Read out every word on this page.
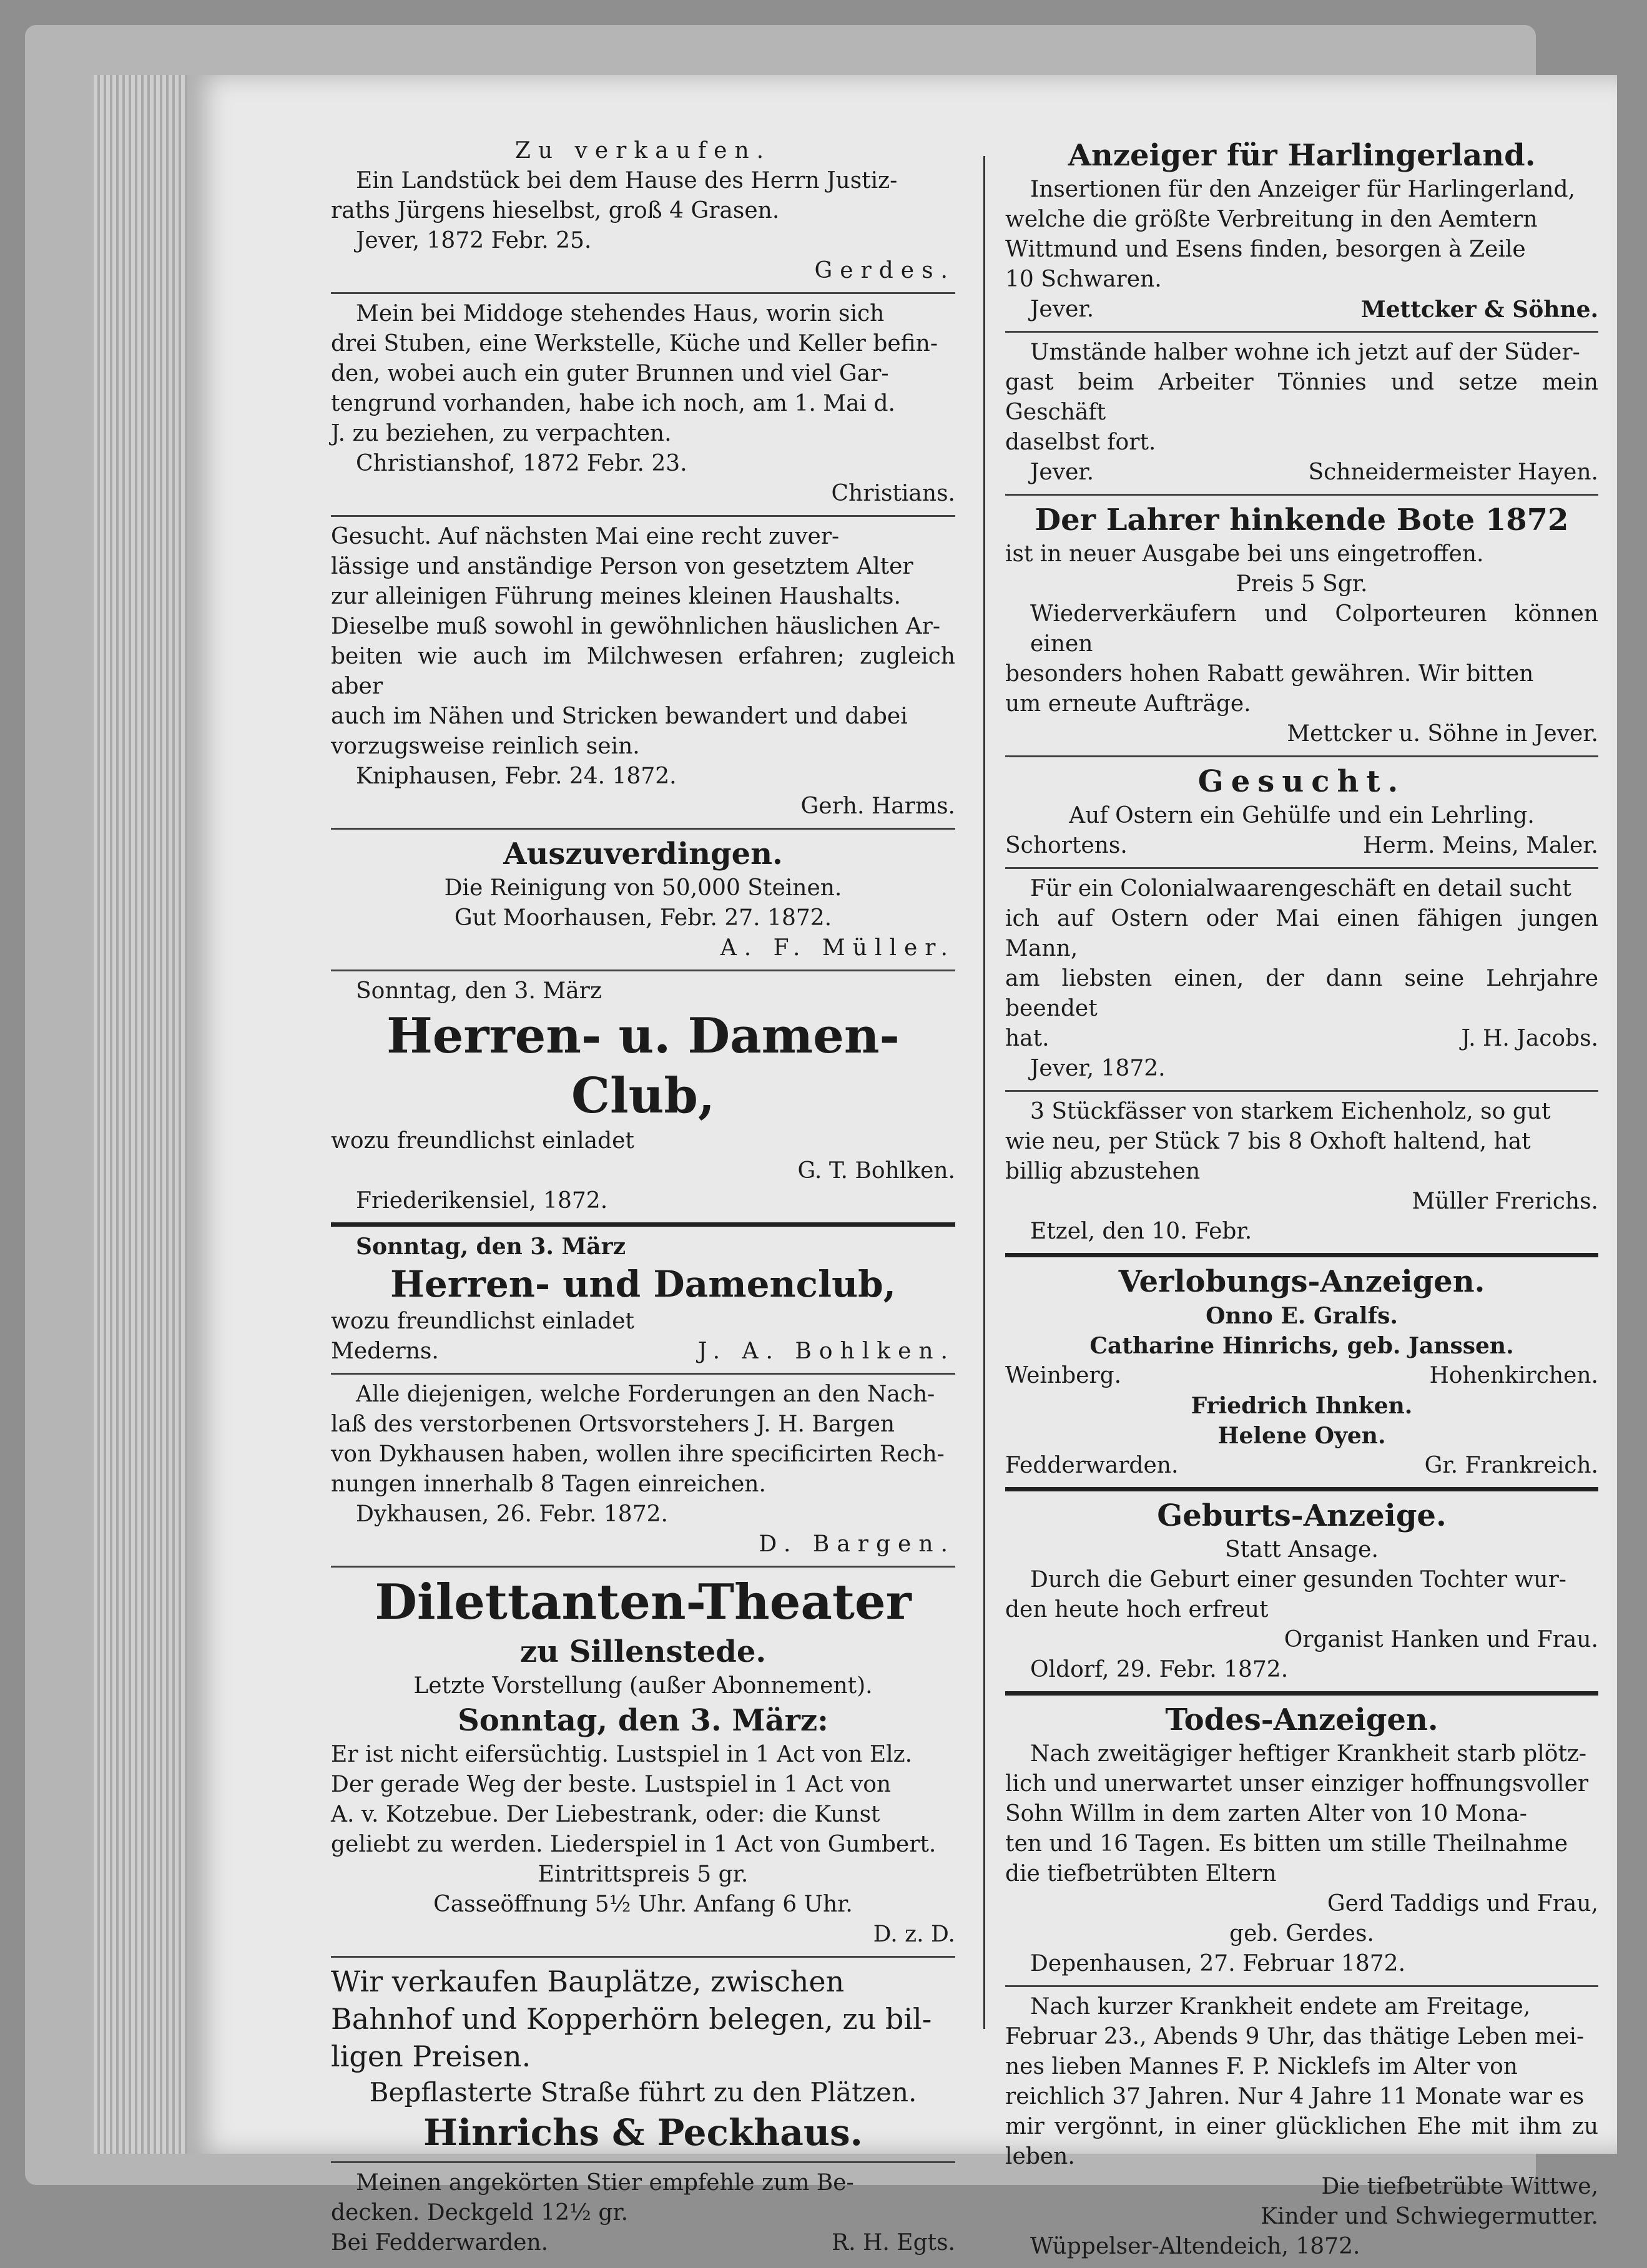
Zu verkaufen.

Ein Landstück bei dem Hause des Herrn Justiz-

raths Jürgens hieselbst, groß 4 Grasen.

Jever, 1872 Febr. 25.

Gerdes.

Mein bei Middoge stehendes Haus, worin sich

drei Stuben, eine Werkstelle, Küche und Keller befin-

den, wobei auch ein guter Brunnen und viel Gar-

tengrund vorhanden, habe ich noch, am 1. Mai d.

J. zu beziehen, zu verpachten.

Christianshof, 1872 Febr. 23.

Christians.

Gesucht. Auf nächsten Mai eine recht zuver-

lässige und anständige Person von gesetztem Alter

zur alleinigen Führung meines kleinen Haushalts.

Dieselbe muß sowohl in gewöhnlichen häuslichen Ar-

beiten wie auch im Milchwesen erfahren; zugleich aber

auch im Nähen und Stricken bewandert und dabei

vorzugsweise reinlich sein.

Kniphausen, Febr. 24. 1872.

Gerh. Harms.

Auszuverdingen.

Die Reinigung von 50,000 Steinen.

Gut Moorhausen, Febr. 27. 1872.

A. F. Müller.

Sonntag, den 3. März

Herren- u. Damen-Club,

wozu freundlichst einladet

G. T. Bohlken.

Friederikensiel, 1872.

Sonntag, den 3. März

Herren- und Damenclub,

wozu freundlichst einladet

Mederns.	J. A. Bohlken.

Alle diejenigen, welche Forderungen an den Nach-

laß des verstorbenen Ortsvorstehers J. H. Bargen

von Dykhausen haben, wollen ihre specificirten Rech-

nungen innerhalb 8 Tagen einreichen.

Dykhausen, 26. Febr. 1872.

D. Bargen.

Dilettanten-Theater

zu Sillenstede.

Letzte Vorstellung (außer Abonnement).

Sonntag, den 3. März:

Er ist nicht eifersüchtig. Lustspiel in 1 Act von Elz.

Der gerade Weg der beste. Lustspiel in 1 Act von

A. v. Kotzebue. Der Liebestrank, oder: die Kunst

geliebt zu werden. Liederspiel in 1 Act von Gumbert.

Eintrittspreis 5 gr.

Casseöffnung 5½ Uhr. Anfang 6 Uhr.

D. z. D.

Wir verkaufen Bauplätze, zwischen

Bahnhof und Kopperhörn belegen, zu bil-

ligen Preisen.

Bepflasterte Straße führt zu den Plätzen.

Hinrichs & Peckhaus.

Meinen angekörten Stier empfehle zum Be-

decken. Deckgeld 12½ gr.

Bei Fedderwarden.	R. H. Egts.

Anzeiger für Harlingerland.

Insertionen für den Anzeiger für Harlingerland,

welche die größte Verbreitung in den Aemtern

Wittmund und Esens finden, besorgen à Zeile

10 Schwaren.

Jever.	Mettcker & Söhne.

Umstände halber wohne ich jetzt auf der Süder-

gast beim Arbeiter Tönnies und setze mein Geschäft

daselbst fort.

Jever.	Schneidermeister Hayen.

Der Lahrer hinkende Bote 1872

ist in neuer Ausgabe bei uns eingetroffen.

Preis 5 Sgr.

Wiederverkäufern und Colporteuren können einen

besonders hohen Rabatt gewähren. Wir bitten

um erneute Aufträge.

Mettcker u. Söhne in Jever.

Gesucht.

Auf Ostern ein Gehülfe und ein Lehrling.

Schortens.	Herm. Meins, Maler.

Für ein Colonialwaarengeschäft en detail sucht

ich auf Ostern oder Mai einen fähigen jungen Mann,

am liebsten einen, der dann seine Lehrjahre beendet

hat.	J. H. Jacobs.

Jever, 1872.

3 Stückfässer von starkem Eichenholz, so gut

wie neu, per Stück 7 bis 8 Oxhoft haltend, hat

billig abzustehen

Müller Frerichs.

Etzel, den 10. Febr.

Verlobungs-Anzeigen.

Onno E. Gralfs.

Catharine Hinrichs, geb. Janssen.

Weinberg.	Hohenkirchen.

Friedrich Ihnken.

Helene Oyen.

Fedderwarden.	Gr. Frankreich.

Geburts-Anzeige.

Statt Ansage.

Durch die Geburt einer gesunden Tochter wur-

den heute hoch erfreut

Organist Hanken und Frau.

Oldorf, 29. Febr. 1872.

Todes-Anzeigen.

Nach zweitägiger heftiger Krankheit starb plötz-

lich und unerwartet unser einziger hoffnungsvoller

Sohn Willm in dem zarten Alter von 10 Mona-

ten und 16 Tagen. Es bitten um stille Theilnahme

die tiefbetrübten Eltern

Gerd Taddigs und Frau,

geb. Gerdes.

Depenhausen, 27. Februar 1872.

Nach kurzer Krankheit endete am Freitage,

Februar 23., Abends 9 Uhr, das thätige Leben mei-

nes lieben Mannes F. P. Nicklefs im Alter von

reichlich 37 Jahren. Nur 4 Jahre 11 Monate war es

mir vergönnt, in einer glücklichen Ehe mit ihm zu leben.

Die tiefbetrübte Wittwe,

Kinder und Schwiegermutter.

Wüppelser-Altendeich, 1872.
